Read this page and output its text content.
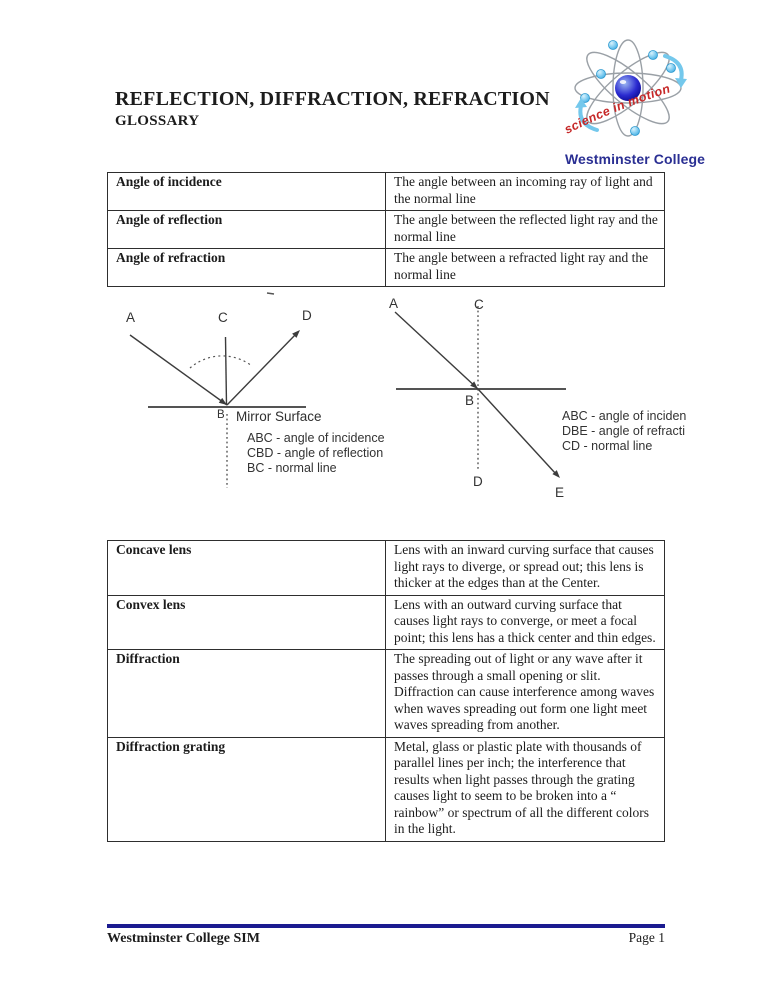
REFLECTION, DIFFRACTION, REFRACTION
GLOSSARY	science in motion
Westminster College
Angle of incidence	The angle between an incoming ray of light and the normal line
Angle of reflection	The angle between the reflected light ray and the normal line
Angle of refraction	The angle between a refracted light ray and the normal line
A	C	D
B Mirror Surface
ABC - angle of incidence
CBD - angle of reflection
BC - normal line
A	C
B
D
E
ABC - angle of inciden
DBE - angle of refracti
CD - normal line
Concave lens	Lens with an inward curving surface that causes light rays to diverge, or spread out; this lens is thicker at the edges than at the Center.
Convex lens	Lens with an outward curving surface that causes light rays to converge, or meet a focal point; this lens has a thick center and thin edges.
Diffraction	The spreading out of light or any wave after it passes through a small opening or slit. Diffraction can cause interference among waves when waves spreading out form one light meet waves spreading from another.
Diffraction grating	Metal, glass or plastic plate with thousands of parallel lines per inch; the interference that results when light passes through the grating causes light to seem to be broken into a “ rainbow” or spectrum of all the different colors in the light.
Westminster College SIM	Page 1
